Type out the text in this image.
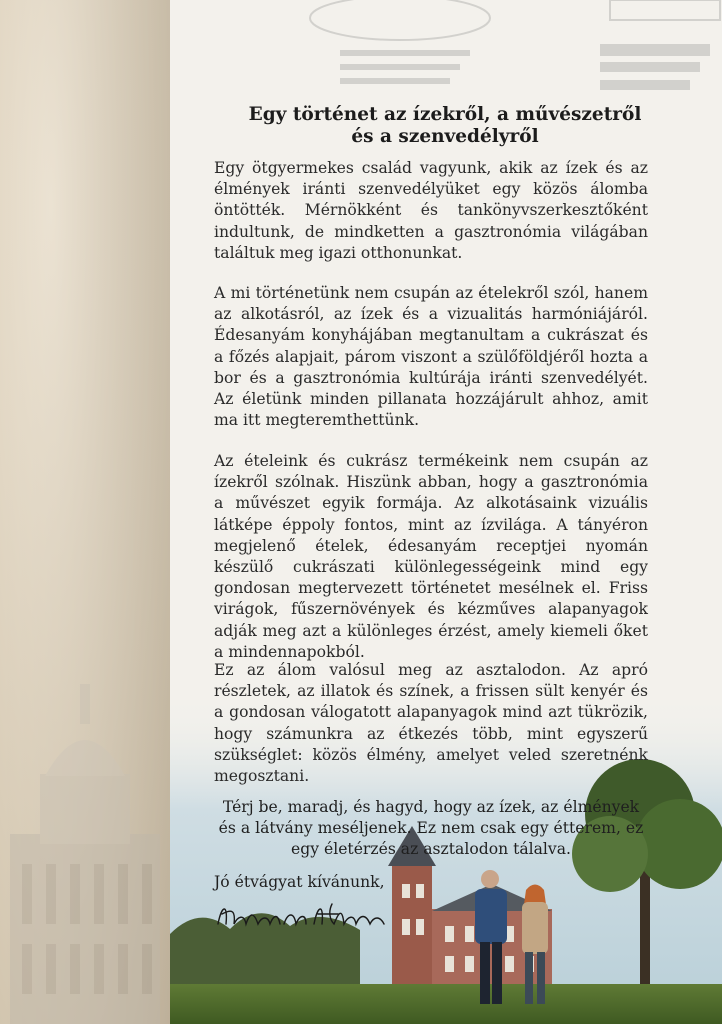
Egy történet az ízekről, a művészetről
és a szenvedélyről

Egy ötgyermekes család vagyunk, akik az ízek és az élmények iránti szenvedélyüket egy közös álomba öntötték. Mérnökként és tankönyvszerkesztőként indultunk, de mindketten a gasztronómia világában találtuk meg igazi otthonunkat.

A mi történetünk nem csupán az ételekről szól, hanem az alkotásról, az ízek és a vizualitás harmóniájáról. Édesanyám konyhájában megtanultam a cukrászat és a főzés alapjait, párom viszont a szülőföldjéről hozta a bor és a gasztronómia kultúrája iránti szenvedélyét. Az életünk minden pillanata hozzájárult ahhoz, amit ma itt megteremthettünk.

Az ételeink és cukrász termékeink nem csupán az ízekről szólnak. Hiszünk abban, hogy a gasztronómia a művészet egyik formája. Az alkotásaink vizuális látképe éppoly fontos, mint az ízvilága. A tányéron megjelenő ételek, édesanyám receptjei nyomán készülő cukrászati különlegességeink mind egy gondosan megtervezett történetet mesélnek el. Friss virágok, fűszernövények és kézműves alapanyagok adják meg azt a különleges érzést, amely kiemeli őket a mindennapokból.

Ez az álom valósul meg az asztalodon. Az apró részletek, az illatok és színek, a frissen sült kenyér és a gondosan válogatott alapanyagok mind azt tükrözik, hogy számunkra az étkezés több, mint egyszerű szükséglet: közös élmény, amelyet veled szeretnénk megosztani.

Térj be, maradj, és hagyd, hogy az ízek, az élmények és a látvány meséljenek. Ez nem csak egy étterem, ez egy életérzés az asztalodon tálalva.

Jó étvágyat kívánunk,
